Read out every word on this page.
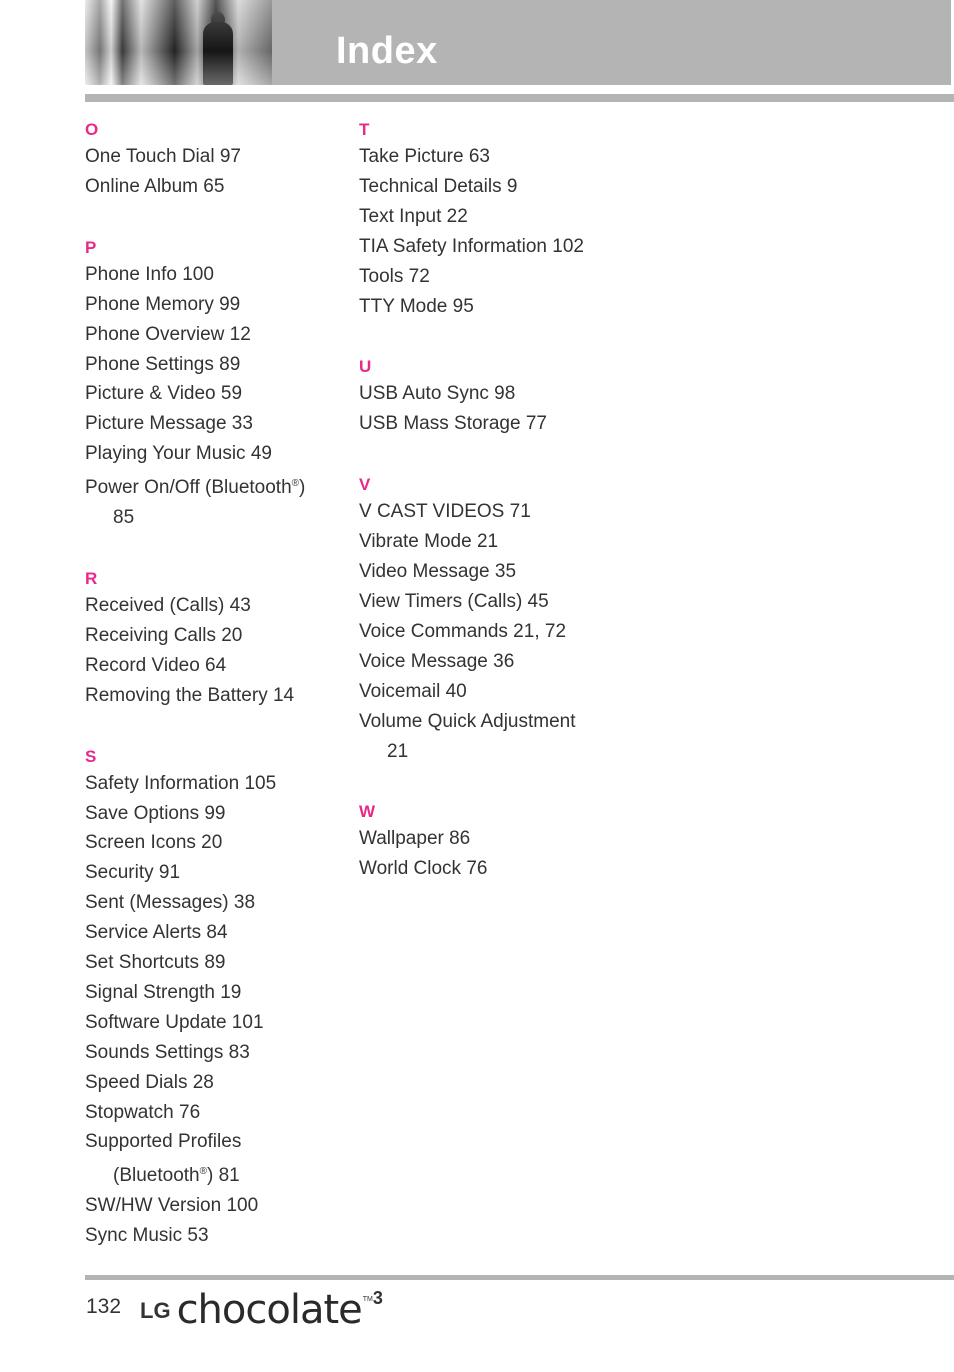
Index
O
One Touch Dial 97
Online Album 65
P
Phone Info 100
Phone Memory 99
Phone Overview 12
Phone Settings 89
Picture & Video 59
Picture Message 33
Playing Your Music 49
Power On/Off (Bluetooth®)
85
R
Received (Calls) 43
Receiving Calls 20
Record Video 64
Removing the Battery 14
S
Safety Information 105
Save Options 99
Screen Icons 20
Security 91
Sent (Messages) 38
Service Alerts 84
Set Shortcuts 89
Signal Strength 19
Software Update 101
Sounds Settings 83
Speed Dials 28
Stopwatch 76
Supported Profiles
(Bluetooth®) 81
SW/HW Version 100
Sync Music 53
T
Take Picture 63
Technical Details 9
Text Input 22
TIA Safety Information 102
Tools 72
TTY Mode 95
U
USB Auto Sync 98
USB Mass Storage 77
V
V CAST VIDEOS 71
Vibrate Mode 21
Video Message 35
View Timers (Calls) 45
Voice Commands 21, 72
Voice Message 36
Voicemail 40
Volume Quick Adjustment
21
W
Wallpaper 86
World Clock 76
132 LG chocolate TM 3
